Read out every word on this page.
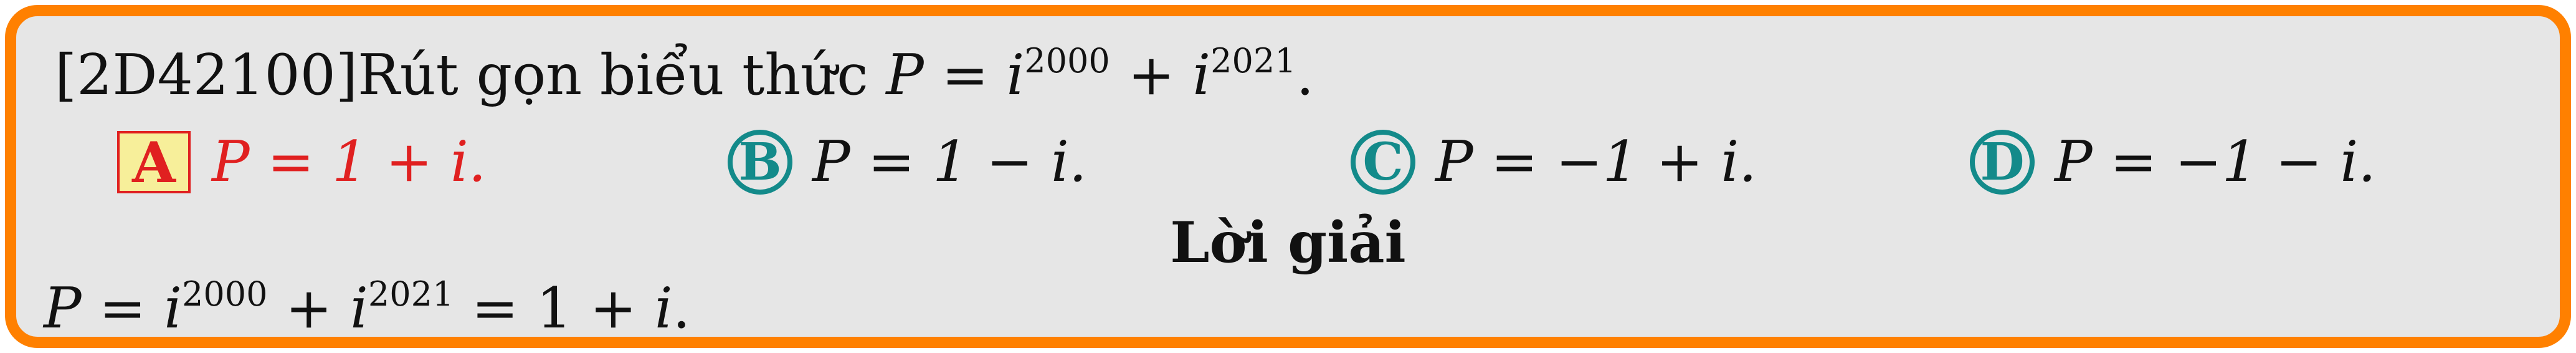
[2D42100]Rút gọn biểu thức $P = i^{2000} + i^{2021}$.
A P = 1 + i.	B P = 1 − i.	C P = −1 + i.	D P = −1 − i.
Lời giải
$P = i^{2000} + i^{2021} = 1 + i$.
